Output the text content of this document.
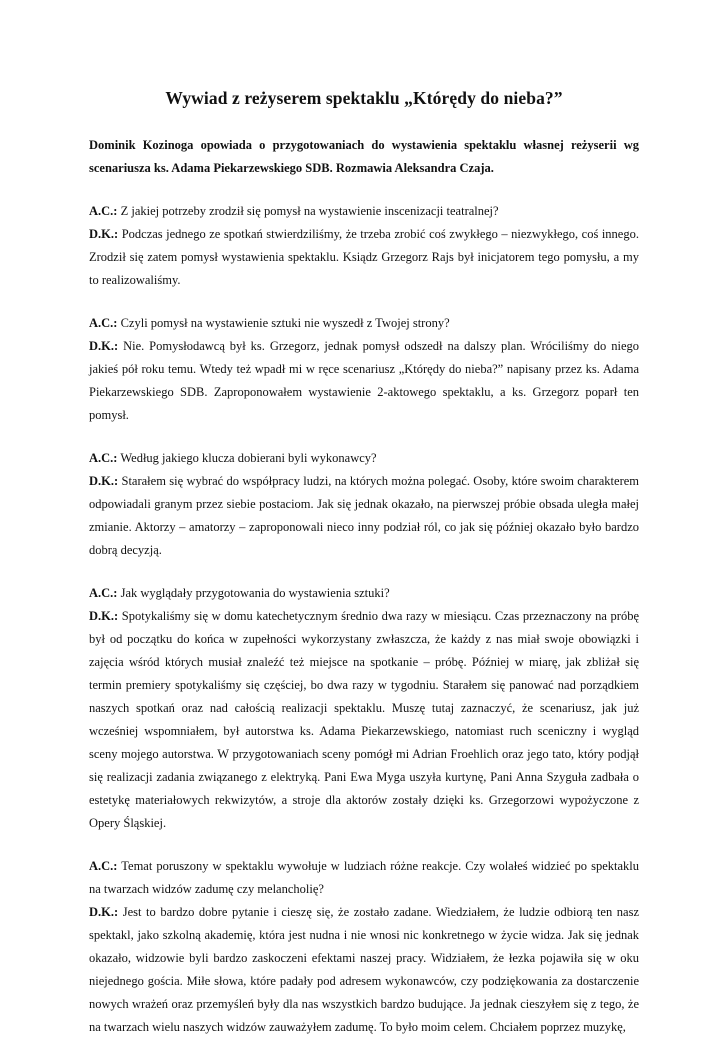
Wywiad z reżyserem spektaklu „Którędy do nieba?”

Dominik Kozinoga opowiada o przygotowaniach do wystawienia spektaklu własnej reżyserii wg scenariusza ks. Adama Piekarzewskiego SDB. Rozmawia Aleksandra Czaja.

A.C.: Z jakiej potrzeby zrodził się pomysł na wystawienie inscenizacji teatralnej?

D.K.: Podczas jednego ze spotkań stwierdziliśmy, że trzeba zrobić coś zwykłego – niezwykłego, coś innego. Zrodził się zatem pomysł wystawienia spektaklu. Ksiądz Grzegorz Rajs był inicjatorem tego pomysłu, a my to realizowaliśmy.

A.C.: Czyli pomysł na wystawienie sztuki nie wyszedł z Twojej strony?

D.K.: Nie. Pomysłodawcą był ks. Grzegorz, jednak pomysł odszedł na dalszy plan. Wróciliśmy do niego jakieś pół roku temu. Wtedy też wpadł mi w ręce scenariusz „Którędy do nieba?” napisany przez ks. Adama Piekarzewskiego SDB. Zaproponowałem wystawienie 2-aktowego spektaklu, a ks. Grzegorz poparł ten pomysł.

A.C.: Według jakiego klucza dobierani byli wykonawcy?

D.K.: Starałem się wybrać do współpracy ludzi, na których można polegać. Osoby, które swoim charakterem odpowiadali granym przez siebie postaciom. Jak się jednak okazało, na pierwszej próbie obsada uległa małej zmianie. Aktorzy – amatorzy – zaproponowali nieco inny podział ról, co jak się później okazało było bardzo dobrą decyzją.

A.C.: Jak wyglądały przygotowania do wystawienia sztuki?

D.K.: Spotykaliśmy się w domu katechetycznym średnio dwa razy w miesiącu. Czas przeznaczony na próbę był od początku do końca w zupełności wykorzystany zwłaszcza, że każdy z nas miał swoje obowiązki i zajęcia wśród których musiał znaleźć też miejsce na spotkanie – próbę. Później w miarę, jak zbliżał się termin premiery spotykaliśmy się częściej, bo dwa razy w tygodniu. Starałem się panować nad porządkiem naszych spotkań oraz nad całością realizacji spektaklu. Muszę tutaj zaznaczyć, że scenariusz, jak już wcześniej wspomniałem, był autorstwa ks. Adama Piekarzewskiego, natomiast ruch sceniczny i wygląd sceny mojego autorstwa. W przygotowaniach sceny pomógł mi Adrian Froehlich oraz jego tato, który podjął się realizacji zadania związanego z elektryką. Pani Ewa Myga uszyła kurtynę, Pani Anna Szyguła zadbała o estetykę materiałowych rekwizytów, a stroje dla aktorów zostały dzięki ks. Grzegorzowi wypożyczone z Opery Śląskiej.

A.C.: Temat poruszony w spektaklu wywołuje w ludziach różne reakcje. Czy wolałeś widzieć po spektaklu na twarzach widzów zadumę czy melancholię?

D.K.: Jest to bardzo dobre pytanie i cieszę się, że zostało zadane. Wiedziałem, że ludzie odbiorą ten nasz spektakl, jako szkolną akademię, która jest nudna i nie wnosi nic konkretnego w życie widza. Jak się jednak okazało, widzowie byli bardzo zaskoczeni efektami naszej pracy. Widziałem, że łezka pojawiła się w oku niejednego gościa. Miłe słowa, które padały pod adresem wykonawców, czy podziękowania za dostarczenie nowych wrażeń oraz przemyśleń były dla nas wszystkich bardzo budujące. Ja jednak cieszyłem się z tego, że na twarzach wielu naszych widzów zauważyłem zadumę. To było moim celem. Chciałem poprzez muzykę,
